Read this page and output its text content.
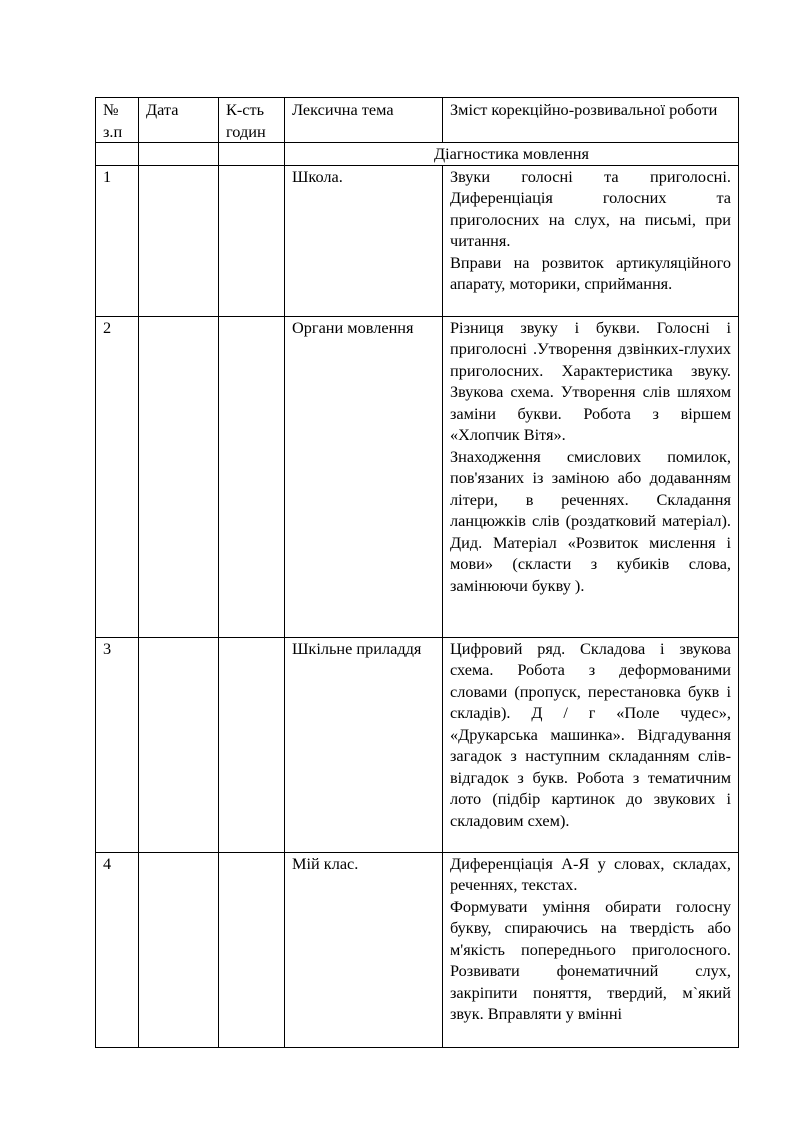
№ з.п	Дата	К-сть годин	Лексична тема	Зміст корекційно-розвивальної роботи
			Діагностика мовлення	
1			Школа.	Звуки голосні та приголосні. Диференціація голосних та приголосних на слух, на письмі, при читання.

Вправи на розвиток артикуляційного апарату, моторики, сприймання.

2			Органи мовлення	Різниця звуку і букви. Голосні і приголосні .Утворення дзвінких-глухих приголосних. Характеристика звуку. Звукова схема. Утворення слів шляхом заміни букви. Робота з віршем «Хлопчик Вітя».

Знаходження смислових помилок, пов'язаних із заміною або додаванням літери, в реченнях. Складання ланцюжків слів (роздатковий матеріал). Дид. Матеріал «Розвиток мислення і мови» (скласти з кубиків слова, замінюючи букву ).

3			Шкільне приладдя	Цифровий ряд. Складова і звукова схема. Робота з деформованими словами (пропуск, перестановка букв і складів). Д / г «Поле чудес», «Друкарська машинка». Відгадування загадок з наступним складанням слів-відгадок з букв. Робота з тематичним лото (підбір картинок до звукових і складовим схем).

4			Мій клас.	Диференціація А-Я у словах, складах, реченнях, текстах.

Формувати уміння обирати голосну букву, спираючись на твердість або м'якість попереднього приголосного. Розвивати фонематичний слух, закріпити поняття, твердий, м`який звук. Вправляти у вмінні
